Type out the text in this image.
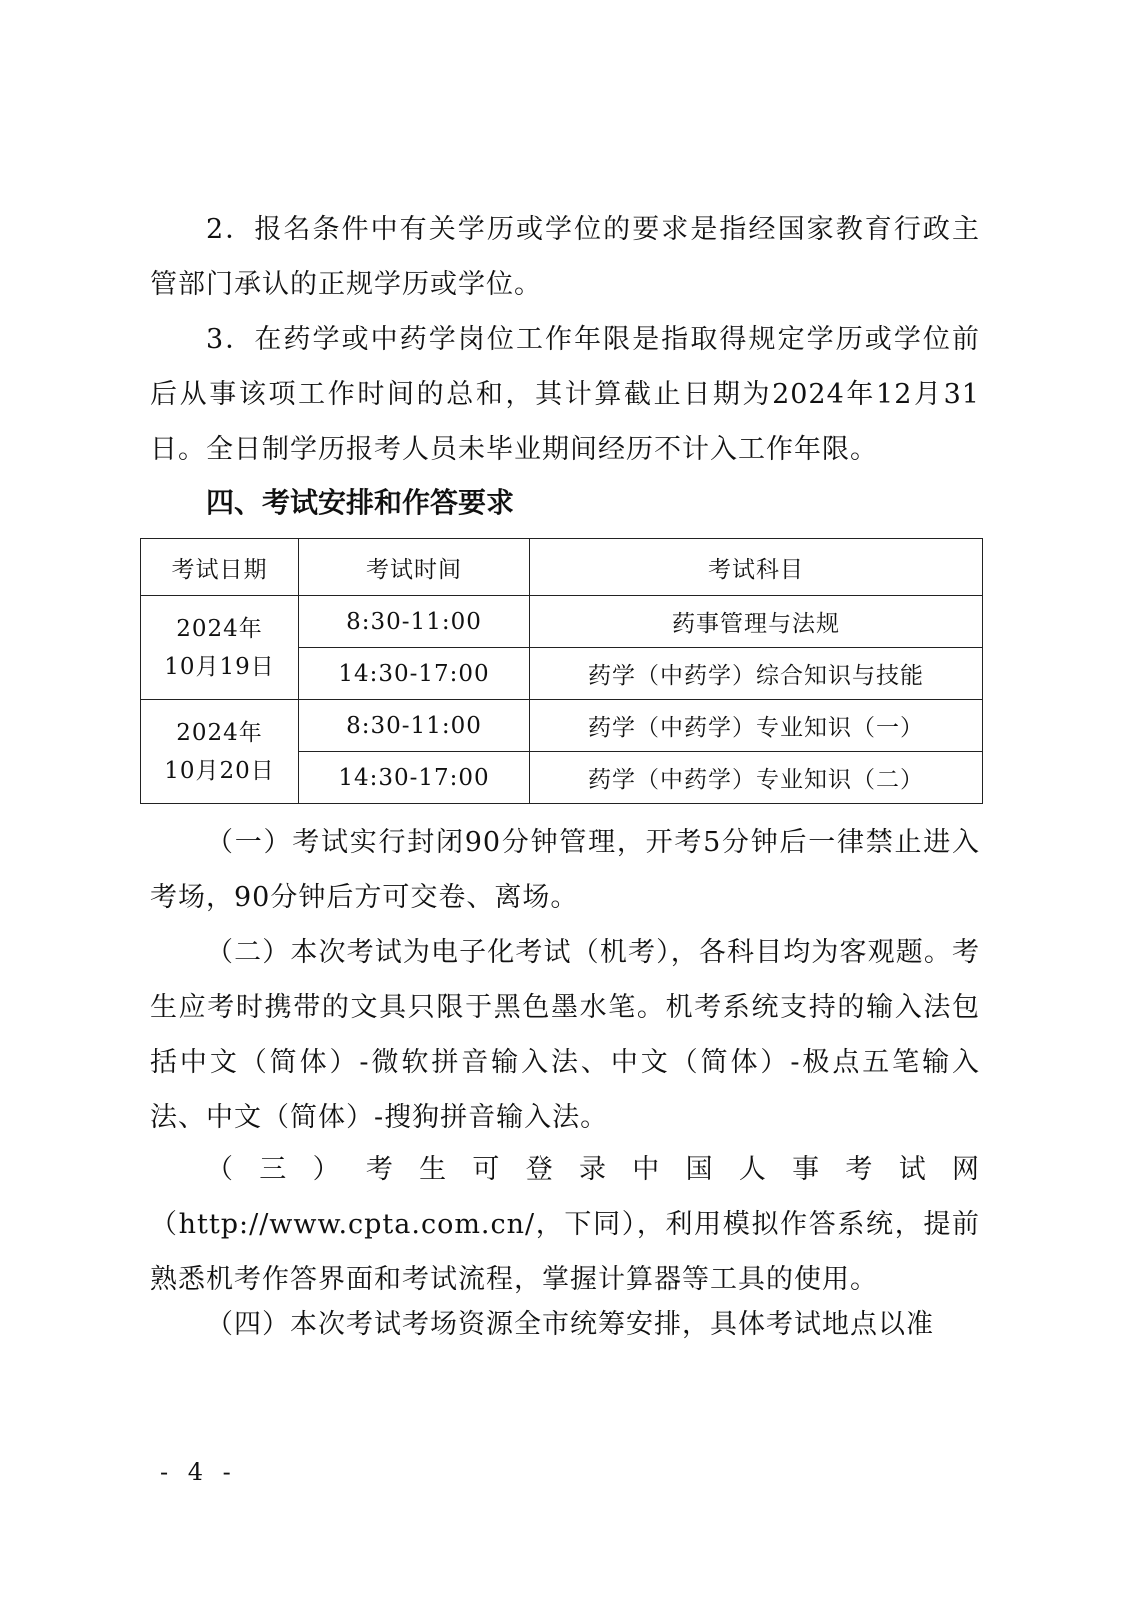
2．报名条件中有关学历或学位的要求是指经国家教育行政主管部门承认的正规学历或学位。

3．在药学或中药学岗位工作年限是指取得规定学历或学位前后从事该项工作时间的总和，其计算截止日期为2024年12月31日。全日制学历报考人员未毕业期间经历不计入工作年限。

四、考试安排和作答要求
考试日期	考试时间	考试科目

2024年
10月19日	8:30-11:00	药事管理与法规
	14:30-17:00	药学（中药学）综合知识与技能

2024年
10月20日	8:30-11:00	药学（中药学）专业知识（一）
	14:30-17:00	药学（中药学）专业知识（二）

（一）考试实行封闭90分钟管理，开考5分钟后一律禁止进入考场，90分钟后方可交卷、离场。

（二）本次考试为电子化考试（机考），各科目均为客观题。考生应考时携带的文具只限于黑色墨水笔。机考系统支持的输入法包括中文（简体）-微软拼音输入法、中文（简体）-极点五笔输入法、中文（简体）-搜狗拼音输入法。

（三）考生可登录中国人事考试网（http://www.cpta.com.cn/，下同），利用模拟作答系统，提前熟悉机考作答界面和考试流程，掌握计算器等工具的使用。

（四）本次考试考场资源全市统筹安排，具体考试地点以准

- 4 -
